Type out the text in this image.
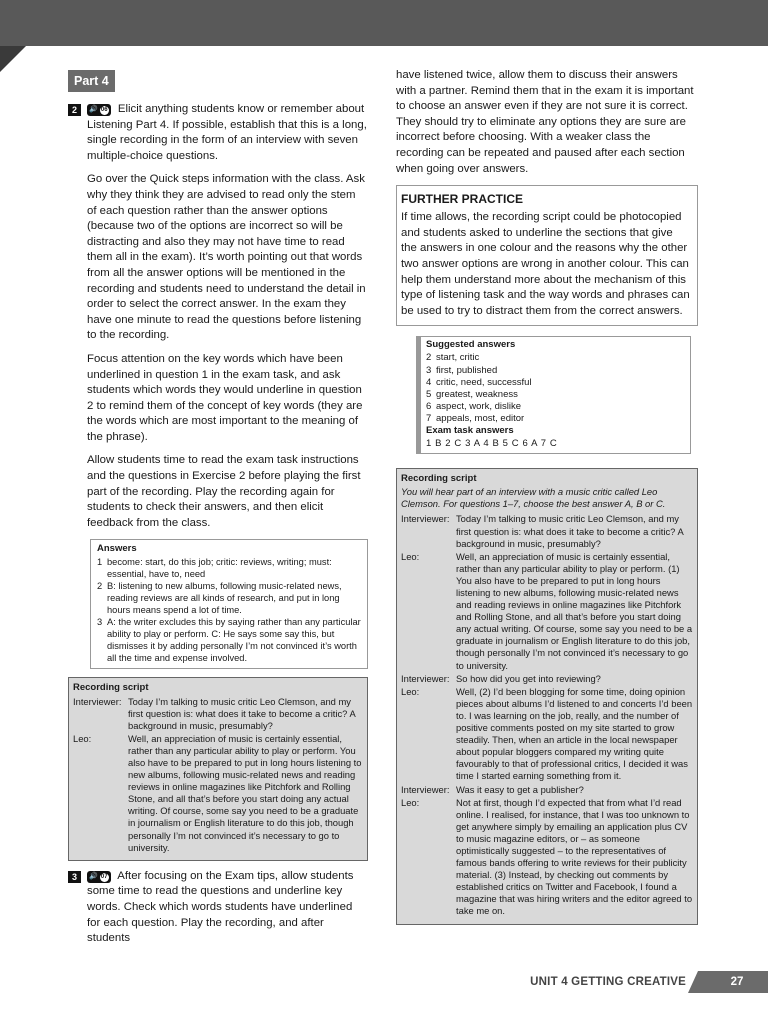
Part 4

2	🔊 06 Elicit anything students know or remember about Listening Part 4. If possible, establish that this is a long, single recording in the form of an interview with seven multiple-choice questions.

Go over the Quick steps information with the class. Ask why they think they are advised to read only the stem of each question rather than the answer options (because two of the options are incorrect so will be distracting and also they may not have time to read them all in the exam). It’s worth pointing out that words from all the answer options will be mentioned in the recording and students need to understand the detail in order to select the correct answer. In the exam they have one minute to read the questions before listening to the recording.

Focus attention on the key words which have been underlined in question 1 in the exam task, and ask students which words they would underline in question 2 to remind them of the concept of key words (they are the words which are most important to the meaning of the phrase).

Allow students time to read the exam task instructions and the questions in Exercise 2 before playing the first part of the recording. Play the recording again for students to check their answers, and then elicit feedback from the class.

Answers
1 become: start, do this job; critic: reviews, writing; must: essential, have to, need
2 B: listening to new albums, following music-related news, reading reviews are all kinds of research, and put in long hours means spend a lot of time.
3 A: the writer excludes this by saying rather than any particular ability to play or perform. C: He says some say this, but dismisses it by adding personally I’m not convinced it’s worth all the time and expense involved.
Recording script
Interviewer: Today I’m talking to music critic Leo Clemson, and my first question is: what does it take to become a critic? A background in music, presumably?
Leo:	Well, an appreciation of music is certainly essential, rather than any particular ability to play or perform. You also have to be prepared to put in long hours listening to new albums, following music-related news and reading reviews in online magazines like Pitchfork and Rolling Stone, and all that’s before you start doing any actual writing. Of course, some say you need to be a graduate in journalism or English literature to do this job, though personally I’m not convinced it’s necessary to go to university.

3	🔊 07 After focusing on the Exam tips, allow students some time to read the questions and underline key words. Check which words students have underlined for each question. Play the recording, and after students

have listened twice, allow them to discuss their answers with a partner. Remind them that in the exam it is important to choose an answer even if they are not sure it is correct. They should try to eliminate any options they are sure are incorrect before choosing. With a weaker class the recording can be repeated and paused after each section when going over answers.

FURTHER PRACTICE

If time allows, the recording script could be photocopied and students asked to underline the sections that give the answers in one colour and the reasons why the other two answer options are wrong in another colour. This can help them understand more about the mechanism of this type of listening task and the way words and phrases can be used to try to distract them from the correct answers.

Suggested answers
2 start, critic
3 first, published
4 critic, need, successful
5 greatest, weakness
6 aspect, work, dislike
7 appeals, most, editor
Exam task answers
1 B 2 C 3 A 4 B 5 C 6 A 7 C
Recording script
You will hear part of an interview with a music critic called Leo Clemson. For questions 1–7, choose the best answer A, B or C.
Interviewer: Today I’m talking to music critic Leo Clemson, and my first question is: what does it take to become a critic? A background in music, presumably?
Leo:	Well, an appreciation of music is certainly essential, rather than any particular ability to play or perform. (1) You also have to be prepared to put in long hours listening to new albums, following music-related news and reading reviews in online magazines like Pitchfork and Rolling Stone, and all that’s before you start doing any actual writing. Of course, some say you need to be a graduate in journalism or English literature to do this job, though personally I’m not convinced it’s necessary to go to university.
Interviewer: So how did you get into reviewing?
Leo:	Well, (2) I’d been blogging for some time, doing opinion pieces about albums I’d listened to and concerts I’d been to. I was learning on the job, really, and the number of positive comments posted on my site started to grow steadily. Then, when an article in the local newspaper about popular bloggers compared my writing quite favourably to that of professional critics, I decided it was time I started earning something from it.
Interviewer: Was it easy to get a publisher?
Leo:	Not at first, though I’d expected that from what I’d read online. I realised, for instance, that I was too unknown to get anywhere simply by emailing an application plus CV to music magazine editors, or – as someone optimistically suggested – to the representatives of famous bands offering to write reviews for their publicity material. (3) Instead, by checking out comments by established critics on Twitter and Facebook, I found a magazine that was hiring writers and the editor agreed to take me on.
UNIT 4 GETTING CREATIVE	27
